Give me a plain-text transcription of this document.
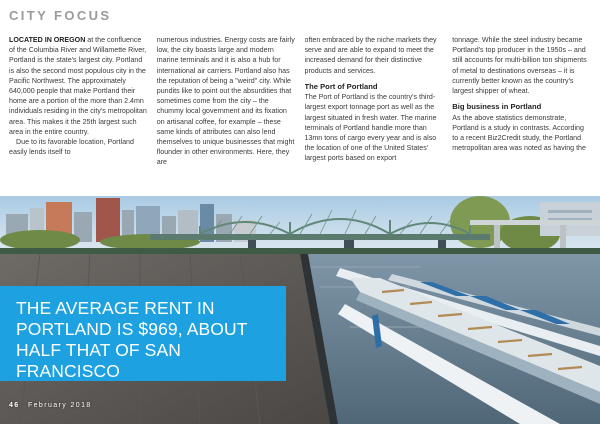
CITY FOCUS

LOCATED IN OREGON at the confluence of the Columbia River and Willamette River, Portland is the state's largest city. Portland is also the second most populous city in the Pacific Northwest. The approximately 640,000 people that make Portland their home are a portion of the more than 2.4mn individuals residing in the city's metropolitan area. This makes it the 25th largest such area in the entire country.

Due to its favorable location, Portland easily lends itself to

numerous industries. Energy costs are fairly low, the city boasts large and modern marine terminals and it is also a hub for international air carriers. Portland also has the reputation of being a "weird" city. While pundits like to point out the absurdities that sometimes come from the city – the chummy local government and its fixation on artisanal coffee, for example – these same kinds of attributes can also lend themselves to unique businesses that might flounder in other environments. Here, they are

often embraced by the niche markets they serve and are able to expand to meet the increased demand for their distinctive products and services.

The Port of Portland

The Port of Portland is the country's third-largest export tonnage port as well as the largest situated in fresh water. The marine terminals of Portland handle more than 13mn tons of cargo every year and is also the location of one of the United States' largest ports based on export

tonnage. While the steel industry became Portland's top producer in the 1950s – and still accounts for multi-billion ton shipments of metal to destinations overseas – it is currently better known as the country's largest shipper of wheat.

Big business in Portland

As the above statistics demonstrate, Portland is a study in contrasts. According to a recent Biz2Credit study, the Portland metropolitan area was noted as having the

THE AVERAGE RENT IN PORTLAND IS $969, ABOUT HALF THAT OF SAN FRANCISCO
46 February 2018
